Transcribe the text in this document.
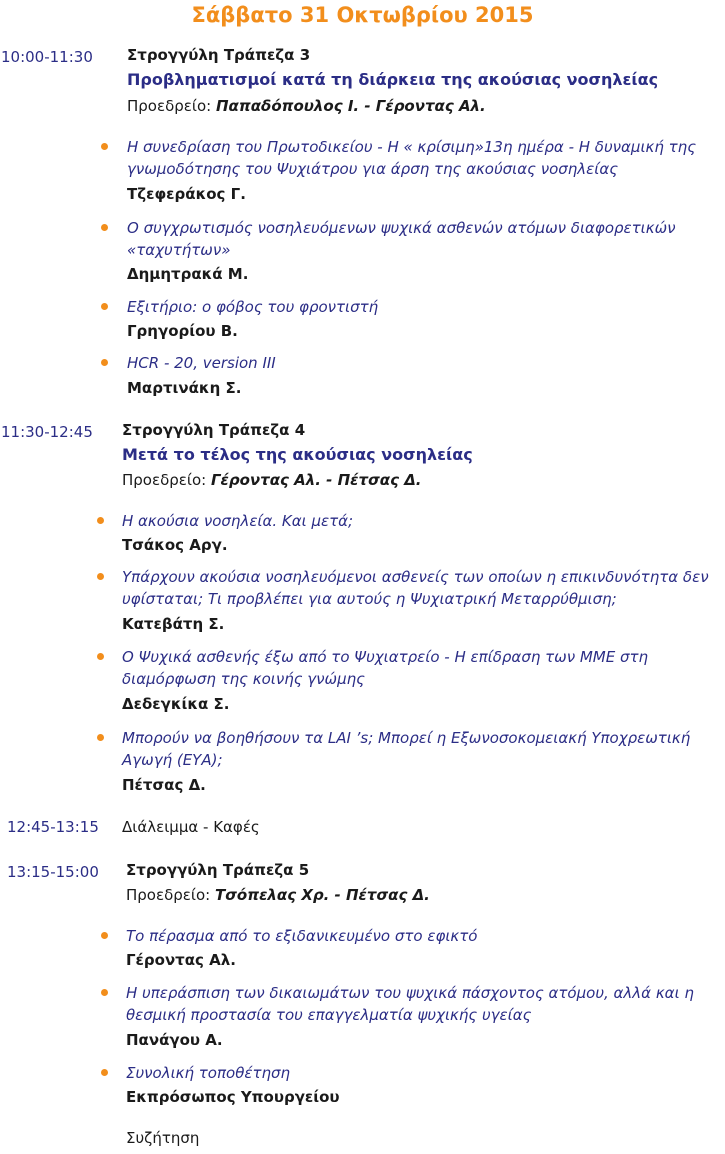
Σάββατο 31 Οκτωβρίου 2015
10:00-11:30 Στρογγύλη Τράπεζα 3
Προβληματισμοί κατά τη διάρκεια της ακούσιας νοσηλείας
Προεδρείο: Παπαδόπουλος Ι. - Γέροντας Αλ.
Η συνεδρίαση του Πρωτοδικείου - Η « κρίσιμη»13η ημέρα - Η δυναμική της γνωμοδότησης του Ψυχιάτρου για άρση της ακούσιας νοσηλείας
Τζεφεράκος Γ.
Ο συγχρωτισμός νοσηλευόμενων ψυχικά ασθενών ατόμων διαφορετικών «ταχυτήτων»
Δημητρακά Μ.
Εξιτήριο: ο φόβος του φροντιστή
Γρηγορίου Β.
HCR - 20, version III
Μαρτινάκη Σ.
11:30-12:45 Στρογγύλη Τράπεζα 4
Μετά το τέλος της ακούσιας νοσηλείας
Προεδρείο: Γέροντας Αλ. - Πέτσας Δ.
Η ακούσια νοσηλεία. Και μετά;
Τσάκος Αργ.
Υπάρχουν ακούσια νοσηλευόμενοι ασθενείς των οποίων η επικινδυνότητα δεν υφίσταται; Τι προβλέπει για αυτούς η Ψυχιατρική Μεταρρύθμιση;
Κατεβάτη Σ.
Ο Ψυχικά ασθενής έξω από το Ψυχιατρείο - Η επίδραση των ΜΜΕ στη διαμόρφωση της κοινής γνώμης
Δεδεγκίκα Σ.
Μπορούν να βοηθήσουν τα LAI ’s; Μπορεί η Εξωνοσοκομειακή Υποχρεωτική Αγωγή (ΕΥΑ);
Πέτσας Δ.
12:45-13:15 Διάλειμμα - Καφές
13:15-15:00 Στρογγύλη Τράπεζα 5
Προεδρείο: Τσόπελας Χρ. - Πέτσας Δ.
Το πέρασμα από το εξιδανικευμένο στο εφικτό
Γέροντας Αλ.
Η υπεράσπιση των δικαιωμάτων του ψυχικά πάσχοντος ατόμου, αλλά και η θεσμική προστασία του επαγγελματία ψυχικής υγείας
Πανάγου Α.
Συνολική τοποθέτηση
Εκπρόσωπος Υπουργείου
Συζήτηση
